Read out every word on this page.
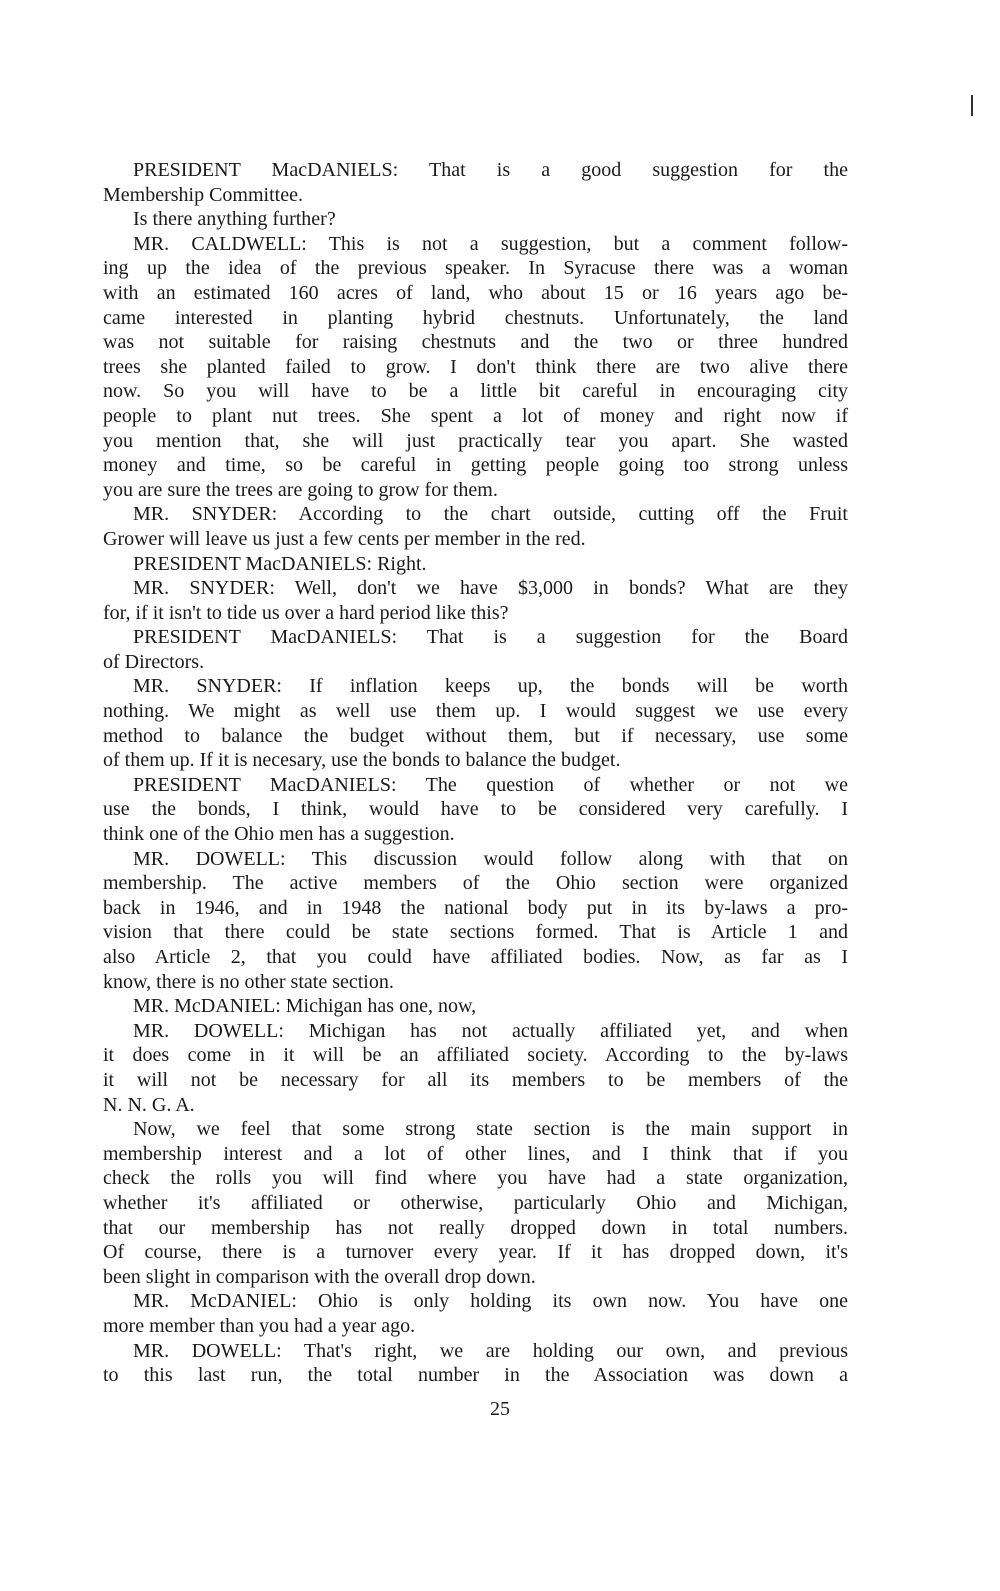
PRESIDENT MacDANIELS: That is a good suggestion for the
Membership Committee.
Is there anything further?
MR. CALDWELL: This is not a suggestion, but a comment follow-
ing up the idea of the previous speaker. In Syracuse there was a woman
with an estimated 160 acres of land, who about 15 or 16 years ago be-
came interested in planting hybrid chestnuts. Unfortunately, the land
was not suitable for raising chestnuts and the two or three hundred
trees she planted failed to grow. I don't think there are two alive there
now. So you will have to be a little bit careful in encouraging city
people to plant nut trees. She spent a lot of money and right now if
you mention that, she will just practically tear you apart. She wasted
money and time, so be careful in getting people going too strong unless
you are sure the trees are going to grow for them.
MR. SNYDER: According to the chart outside, cutting off the Fruit
Grower will leave us just a few cents per member in the red.
PRESIDENT MacDANIELS: Right.
MR. SNYDER: Well, don't we have $3,000 in bonds? What are they
for, if it isn't to tide us over a hard period like this?
PRESIDENT MacDANIELS: That is a suggestion for the Board
of Directors.
MR. SNYDER: If inflation keeps up, the bonds will be worth
nothing. We might as well use them up. I would suggest we use every
method to balance the budget without them, but if necessary, use some
of them up. If it is necesary, use the bonds to balance the budget.
PRESIDENT MacDANIELS: The question of whether or not we
use the bonds, I think, would have to be considered very carefully. I
think one of the Ohio men has a suggestion.
MR. DOWELL: This discussion would follow along with that on
membership. The active members of the Ohio section were organized
back in 1946, and in 1948 the national body put in its by-laws a pro-
vision that there could be state sections formed. That is Article 1 and
also Article 2, that you could have affiliated bodies. Now, as far as I
know, there is no other state section.
MR. McDANIEL: Michigan has one, now,
MR. DOWELL: Michigan has not actually affiliated yet, and when
it does come in it will be an affiliated society. According to the by-laws
it will not be necessary for all its members to be members of the
N. N. G. A.
Now, we feel that some strong state section is the main support in
membership interest and a lot of other lines, and I think that if you
check the rolls you will find where you have had a state organization,
whether it's affiliated or otherwise, particularly Ohio and Michigan,
that our membership has not really dropped down in total numbers.
Of course, there is a turnover every year. If it has dropped down, it's
been slight in comparison with the overall drop down.
MR. McDANIEL: Ohio is only holding its own now. You have one
more member than you had a year ago.
MR. DOWELL: That's right, we are holding our own, and previous
to this last run, the total number in the Association was down a
25
